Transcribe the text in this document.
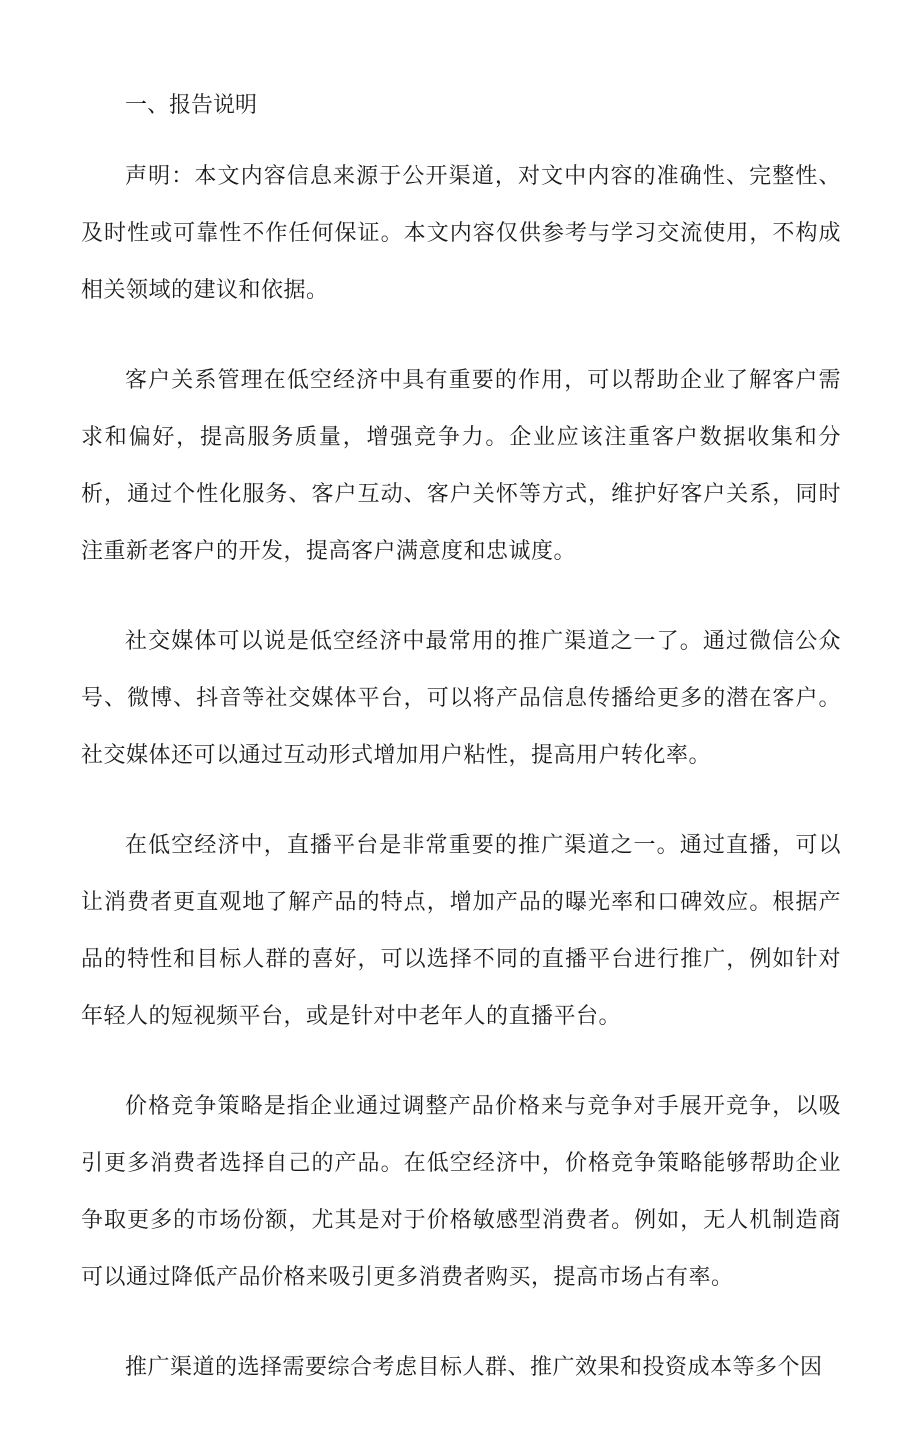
一、报告说明

声明：本文内容信息来源于公开渠道，对文中内容的准确性、完整性、及时性或可靠性不作任何保证。本文内容仅供参考与学习交流使用，不构成相关领域的建议和依据。

客户关系管理在低空经济中具有重要的作用，可以帮助企业了解客户需求和偏好，提高服务质量，增强竞争力。企业应该注重客户数据收集和分析，通过个性化服务、客户互动、客户关怀等方式，维护好客户关系，同时注重新老客户的开发，提高客户满意度和忠诚度。

社交媒体可以说是低空经济中最常用的推广渠道之一了。通过微信公众号、微博、抖音等社交媒体平台，可以将产品信息传播给更多的潜在客户。社交媒体还可以通过互动形式增加用户粘性，提高用户转化率。

在低空经济中，直播平台是非常重要的推广渠道之一。通过直播，可以让消费者更直观地了解产品的特点，增加产品的曝光率和口碑效应。根据产品的特性和目标人群的喜好，可以选择不同的直播平台进行推广，例如针对年轻人的短视频平台，或是针对中老年人的直播平台。

价格竞争策略是指企业通过调整产品价格来与竞争对手展开竞争，以吸引更多消费者选择自己的产品。在低空经济中，价格竞争策略能够帮助企业争取更多的市场份额，尤其是对于价格敏感型消费者。例如，无人机制造商可以通过降低产品价格来吸引更多消费者购买，提高市场占有率。

推广渠道的选择需要综合考虑目标人群、推广效果和投资成本等多个因
